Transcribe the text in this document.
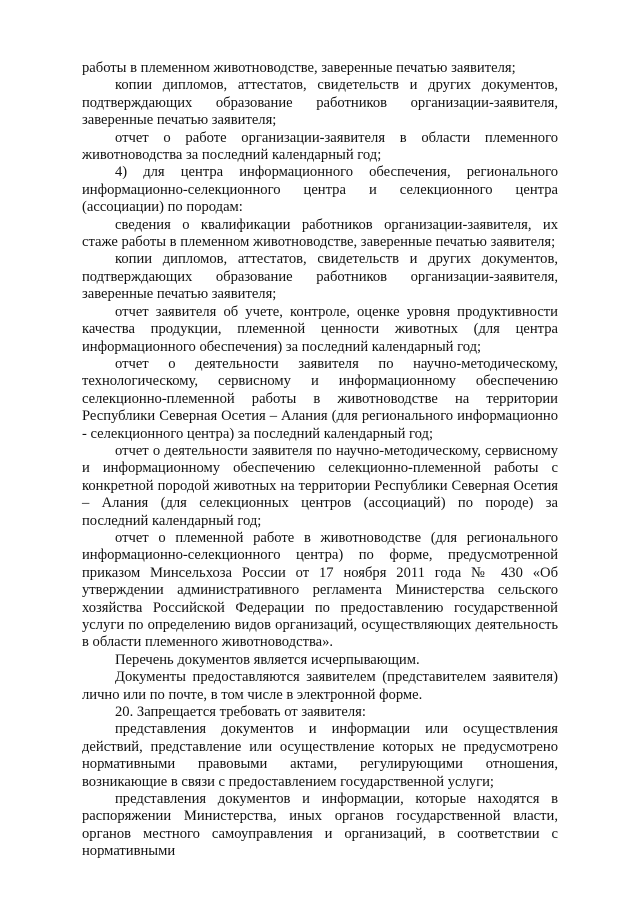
работы в племенном животноводстве, заверенные печатью заявителя;

копии дипломов, аттестатов, свидетельств и других документов, подтверждающих образование работников организации-заявителя, заверенные печатью заявителя;

отчет о работе организации-заявителя в области племенного животноводства за последний календарный год;

4) для центра информационного обеспечения, регионального информационно-селекционного центра и селекционного центра (ассоциации) по породам:

сведения о квалификации работников организации-заявителя, их стаже работы в племенном животноводстве, заверенные печатью заявителя;

копии дипломов, аттестатов, свидетельств и других документов, подтверждающих образование работников организации-заявителя, заверенные печатью заявителя;

отчет заявителя об учете, контроле, оценке уровня продуктивности качества продукции, племенной ценности животных (для центра информационного обеспечения) за последний календарный год;

отчет о деятельности заявителя по научно-методическому, технологическому, сервисному и информационному обеспечению селекционно-племенной работы в животноводстве на территории Республики Северная Осетия – Алания (для регионального информационно - селекционного центра) за последний календарный год;

отчет о деятельности заявителя по научно-методическому, сервисному и информационному обеспечению селекционно-племенной работы с конкретной породой животных на территории Республики Северная Осетия – Алания (для селекционных центров (ассоциаций) по породе) за последний календарный год;

отчет о племенной работе в животноводстве (для регионального информационно-селекционного центра) по форме, предусмотренной приказом Минсельхоза России от 17 ноября 2011 года № 430 «Об утверждении административного регламента Министерства сельского хозяйства Российской Федерации по предоставлению государственной услуги по определению видов организаций, осуществляющих деятельность в области племенного животноводства».

Перечень документов является исчерпывающим.

Документы предоставляются заявителем (представителем заявителя) лично или по почте, в том числе в электронной форме.

20. Запрещается требовать от заявителя:

представления документов и информации или осуществления действий, представление или осуществление которых не предусмотрено нормативными правовыми актами, регулирующими отношения, возникающие в связи с предоставлением государственной услуги;

представления документов и информации, которые находятся в распоряжении Министерства, иных органов государственной власти, органов местного самоуправления и организаций, в соответствии с нормативными
